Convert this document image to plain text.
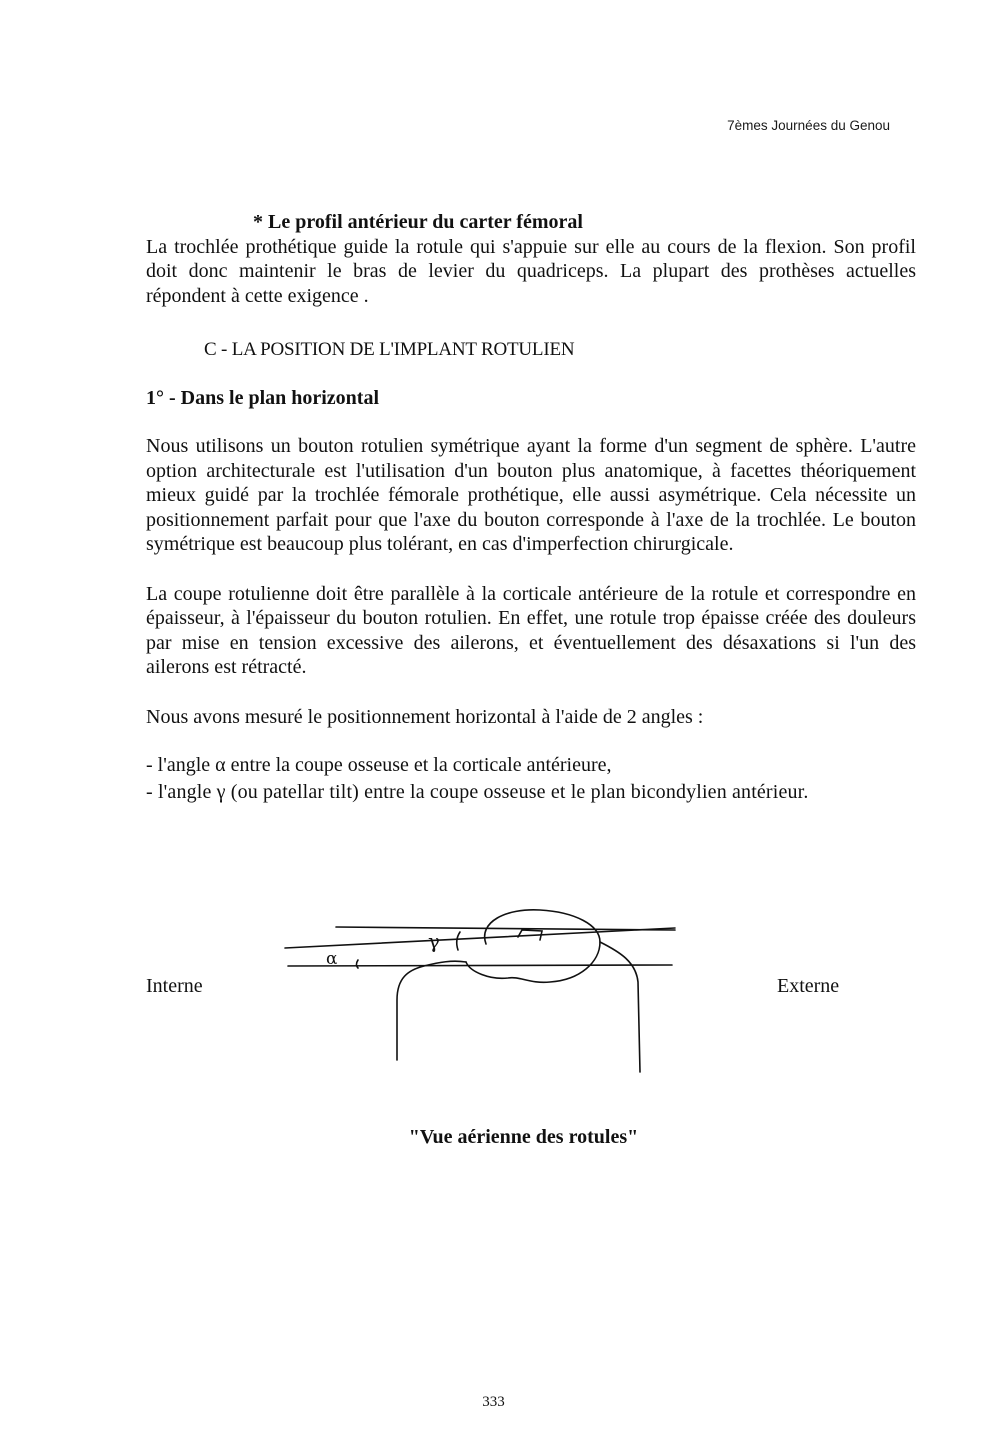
7èmes Journées du Genou

* Le profil antérieur du carter fémoral

La trochlée prothétique guide la rotule qui s'appuie sur elle au cours de la flexion. Son profil doit donc maintenir le bras de levier du quadriceps. La plupart des prothèses actuelles répondent à cette exigence .

C - LA POSITION DE L'IMPLANT ROTULIEN

1° - Dans le plan horizontal

Nous utilisons un bouton rotulien symétrique ayant la forme d'un segment de sphère. L'autre option architecturale est l'utilisation d'un bouton plus anatomique, à facettes théoriquement mieux guidé par la trochlée fémorale prothétique, elle aussi asymétrique. Cela nécessite un positionnement parfait pour que l'axe du bouton corresponde à l'axe de la trochlée. Le bouton symétrique est beaucoup plus tolérant, en cas d'imperfection chirurgicale.

La coupe rotulienne doit être parallèle à la corticale antérieure de la rotule et correspondre en épaisseur, à l'épaisseur du bouton rotulien. En effet, une rotule trop épaisse créée des douleurs par mise en tension excessive des ailerons, et éventuellement des désaxations si l'un des ailerons est rétracté.

Nous avons mesuré le positionnement horizontal à l'aide de 2 angles :

- l'angle α entre la coupe osseuse et la corticale antérieure,

- l'angle γ (ou patellar tilt) entre la coupe osseuse et le plan bicondylien antérieur.

Interne	Externe
γ
α
"Vue aérienne des rotules"
333
